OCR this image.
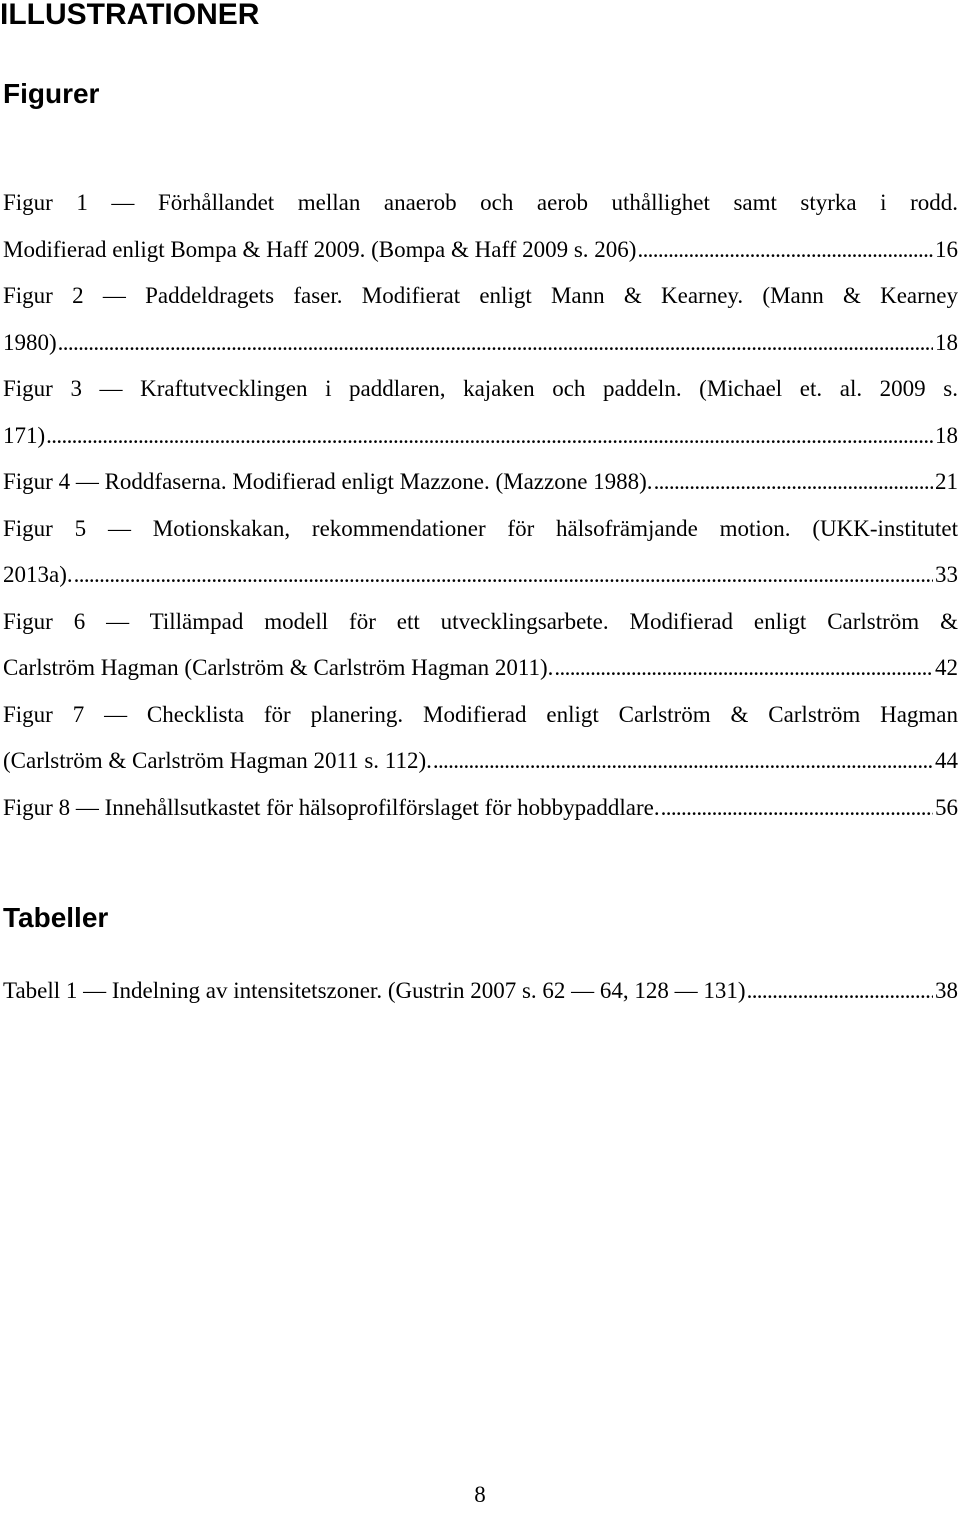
ILLUSTRATIONER
Figurer
Figur 1 — Förhållandet mellan anaerob och aerob uthållighet samt styrka i rodd.
Modifierad enligt Bompa & Haff 2009. (Bompa & Haff 2009 s. 206) . . .	16
Figur 2 — Paddeldragets faser. Modifierat enligt Mann & Kearney. (Mann & Kearney
1980) . . .	18
Figur 3 — Kraftutvecklingen i paddlaren, kajaken och paddeln. (Michael et. al. 2009 s.
171) . . .	18
Figur 4 — Roddfaserna. Modifierad enligt Mazzone. (Mazzone 1988). . . .	21
Figur 5 — Motionskakan, rekommendationer för hälsofrämjande motion. (UKK-institutet
2013a). . . .	33
Figur 6 — Tillämpad modell för ett utvecklingsarbete. Modifierad enligt Carlström &
Carlström Hagman (Carlström & Carlström Hagman 2011). . . .	42
Figur 7 — Checklista för planering. Modifierad enligt Carlström & Carlström Hagman
(Carlström & Carlström Hagman 2011 s. 112). . . .	44
Figur 8 — Innehållsutkastet för hälsoprofilförslaget för hobbypaddlare. . . .	56
Tabeller
Tabell 1 — Indelning av intensitetszoner. (Gustrin 2007 s. 62 — 64, 128 — 131) . . .	38
8
